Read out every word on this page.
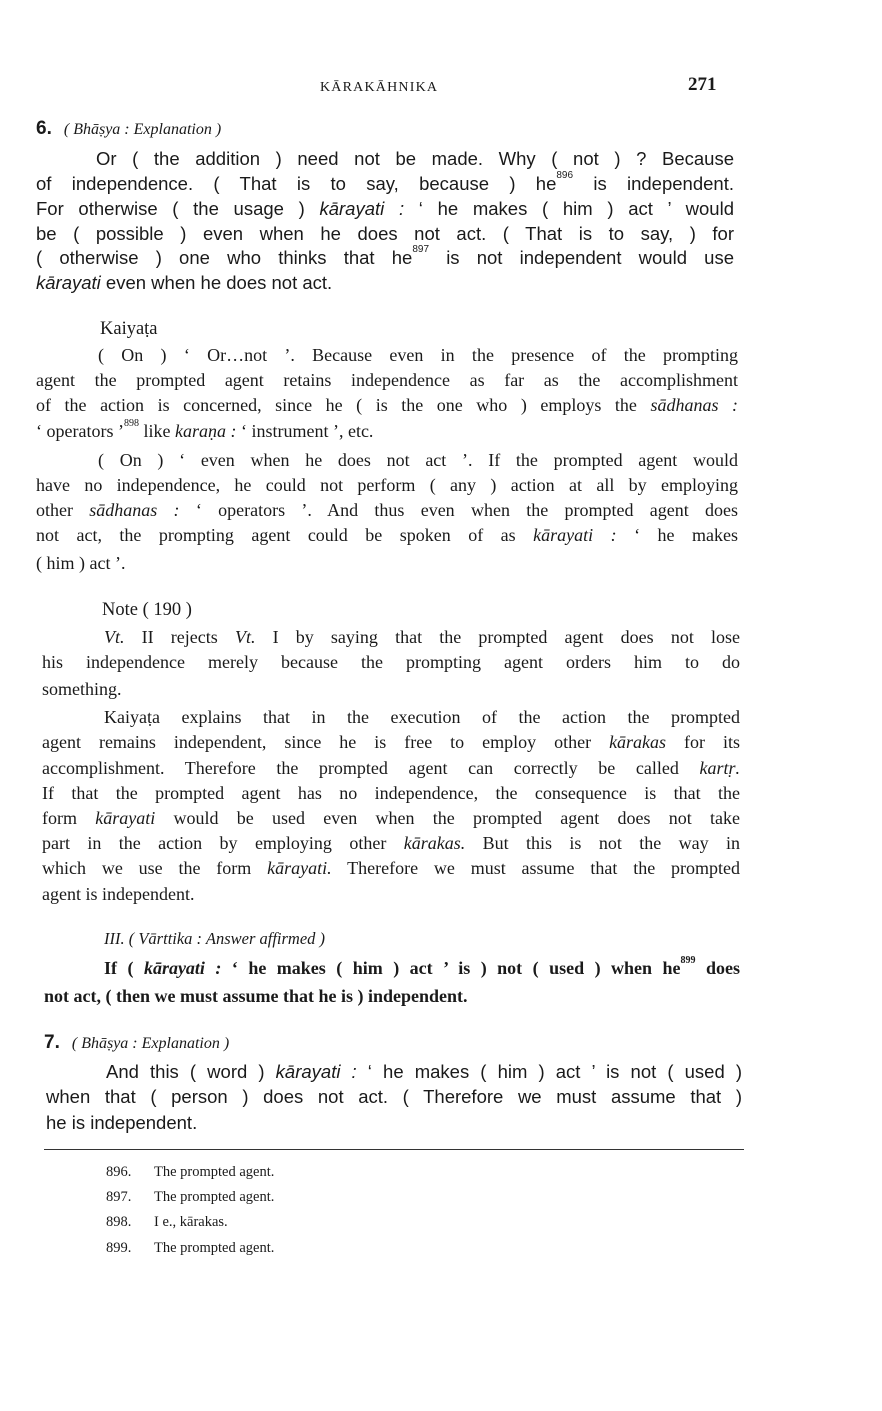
KĀRAKĀHNIKA	271
6. ( Bhāṣya : Explanation )
Or ( the addition ) need not be made. Why ( not ) ? Because
of independence. ( That is to say, because ) $he^{896}$ is independent.
For otherwise ( the usage ) kārayati : ‘ he makes ( him ) act ’ would
be ( possible ) even when he does not act. ( That is to say, ) for
( otherwise ) one who thinks that $he^{897}$ is not independent would use
kārayati even when he does not act.
Kaiyaṭa
( On ) ‘ Or…not ’. Because even in the presence of the prompting
agent the prompted agent retains independence as far as the accomplishment
of the action is concerned, since he ( is the one who ) employs the sādhanas :
‘ operators ’$^{898}$ like karaṇa : ‘ instrument ’, etc.
( On ) ‘ even when he does not act ’. If the prompted agent would
have no independence, he could not perform ( any ) action at all by employing
other sādhanas : ‘ operators ’. And thus even when the prompted agent does
not act, the prompting agent could be spoken of as kārayati : ‘ he makes
( him ) act ’.
Note ( 190 )
Vt. II rejects Vt. I by saying that the prompted agent does not lose
his independence merely because the prompting agent orders him to do
something.
Kaiyaṭa explains that in the execution of the action the prompted
agent remains independent, since he is free to employ other kārakas for its
accomplishment. Therefore the prompted agent can correctly be called kartṛ.
If that the prompted agent has no independence, the consequence is that the
form kārayati would be used even when the prompted agent does not take
part in the action by employing other kārakas. But this is not the way in
which we use the form kārayati. Therefore we must assume that the prompted
agent is independent.
III. ( Vārttika : Answer affirmed )
If ( kārayati : ‘ he makes ( him ) act ’ is ) not ( used ) when $he^{899}$ does
not act, ( then we must assume that he is ) independent.
7. ( Bhāṣya : Explanation )
And this ( word ) kārayati : ‘ he makes ( him ) act ’ is not ( used )
when that ( person ) does not act. ( Therefore we must assume that )
he is independent.
896. The prompted agent.
897. The prompted agent.
898. I e., kārakas.
899. The prompted agent.
